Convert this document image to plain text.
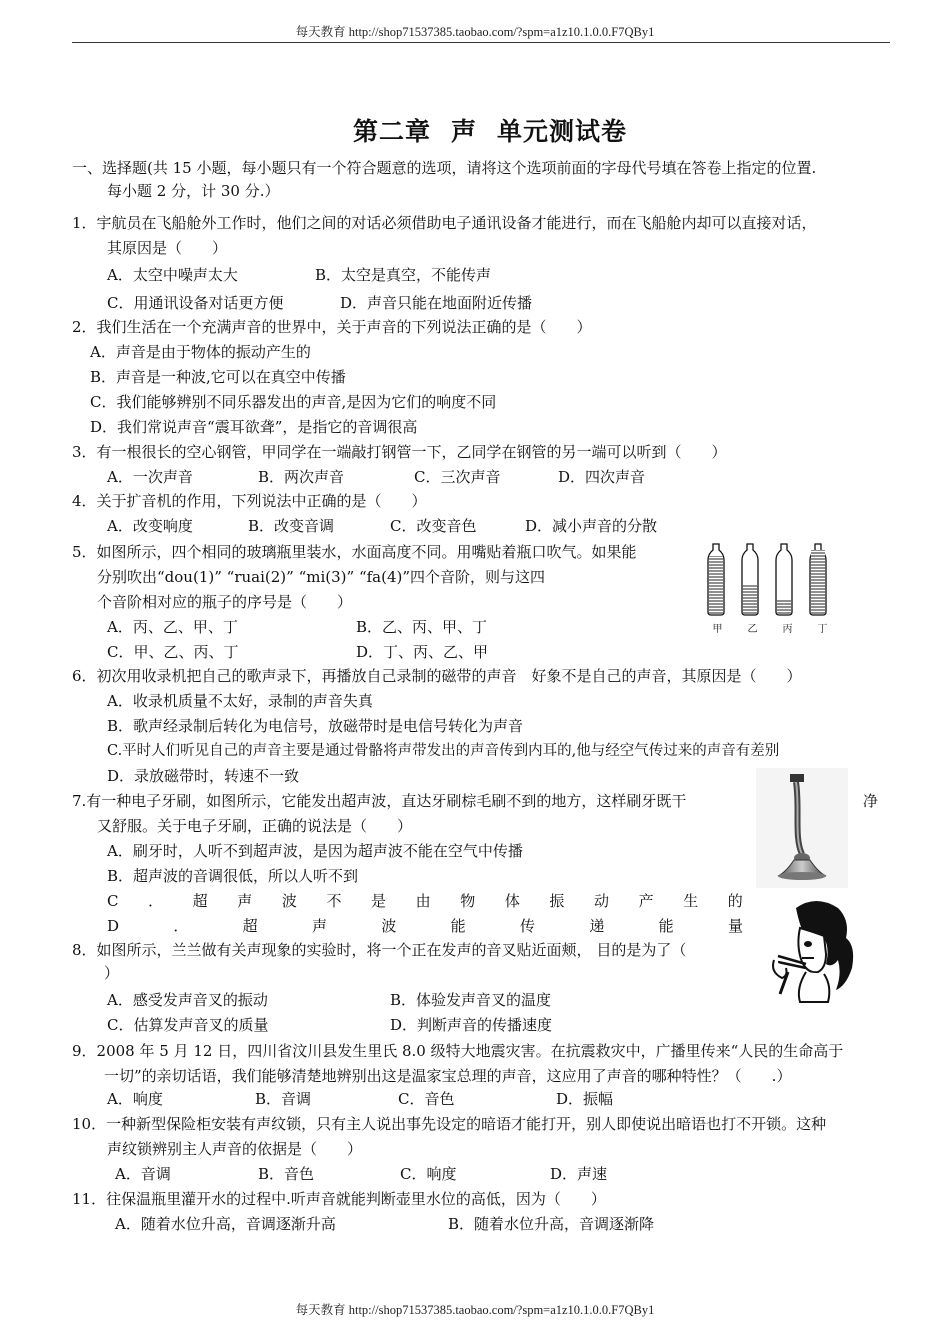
每天教育 http://shop71537385.taobao.com/?spm=a1z10.1.0.0.F7QBy1
第二章 声 单元测试卷
一、选择题(共 15 小题，每小题只有一个符合题意的选项，请将这个选项前面的字母代号填在答卷上指定的位置.
每小题 2 分，计 30 分.）
1．宇航员在飞船舱外工作时，他们之间的对话必须借助电子通讯设备才能进行，而在飞船舱内却可以直接对话，
其原因是（　　）
A．太空中噪声太大	B．太空是真空，不能传声
C．用通讯设备对话更方便	D．声音只能在地面附近传播
2．我们生活在一个充满声音的世界中，关于声音的下列说法正确的是（　　）
A．声音是由于物体的振动产生的
B．声音是一种波,它可以在真空中传播
C．我们能够辨别不同乐器发出的声音,是因为它们的响度不同
D．我们常说声音“震耳欲聋”，是指它的音调很高
3．有一根很长的空心钢管，甲同学在一端敲打钢管一下，乙同学在钢管的另一端可以听到（　　）
A．一次声音	B．两次声音	C．三次声音	D．四次声音
4．关于扩音机的作用，下列说法中正确的是（　　）
A．改变响度	B．改变音调	C．改变音色	D．减小声音的分散
5．如图所示，四个相同的玻璃瓶里装水，水面高度不同。用嘴贴着瓶口吹气。如果能
分别吹出“dou(1)” “ruai(2)” “mi(3)” “fa(4)”四个音阶，则与这四
个音阶相对应的瓶子的序号是（　　）
A．丙、乙、甲、丁	B．乙、丙、甲、丁
C．甲、乙、丙、丁	D．丁、丙、乙、甲
甲	乙	丙	丁
6．初次用收录机把自己的歌声录下，再播放自己录制的磁带的声音　好象不是自己的声音，其原因是（　　）
A．收录机质量不太好，录制的声音失真
B．歌声经录制后转化为电信号，放磁带时是电信号转化为声音
C.平时人们听见自己的声音主要是通过骨骼将声带发出的声音传到内耳的,他与经空气传过来的声音有差别
D．录放磁带时，转速不一致
7.有一种电子牙刷，如图所示，它能发出超声波，直达牙刷棕毛刷不到的地方，这样刷牙既干	净
又舒服。关于电子牙刷，正确的说法是（　　）
A．刷牙时，人听不到超声波，是因为超声波不能在空气中传播
B．超声波的音调很低，所以人听不到
C ． 超 声 波 不 是 由 物 体 振 动 产 生 的
D	．	超	声	波	能	传	递	能	量
8．如图所示，兰兰做有关声现象的实验时，将一个正在发声的音叉贴近面颊， 目的是为了（
）
A．感受发声音叉的振动	B．体验发声音叉的温度
C．估算发声音叉的质量	D．判断声音的传播速度
9．2008 年 5 月 12 日，四川省汶川县发生里氏 8.0 级特大地震灾害。在抗震救灾中，广播里传来“人民的生命高于
一切”的亲切话语，我们能够清楚地辨别出这是温家宝总理的声音，这应用了声音的哪种特性？（　　.）
A．响度	B．音调	C．音色	D．振幅
10．一种新型保险柜安装有声纹锁，只有主人说出事先设定的暗语才能打开，别人即使说出暗语也打不开锁。这种
声纹锁辨别主人声音的依据是（　　）
A．音调	B．音色	C．响度	D．声速
11．往保温瓶里灌开水的过程中.听声音就能判断壶里水位的高低，因为（　　）
A．随着水位升高，音调逐渐升高	B．随着水位升高，音调逐渐降
每天教育 http://shop71537385.taobao.com/?spm=a1z10.1.0.0.F7QBy1
